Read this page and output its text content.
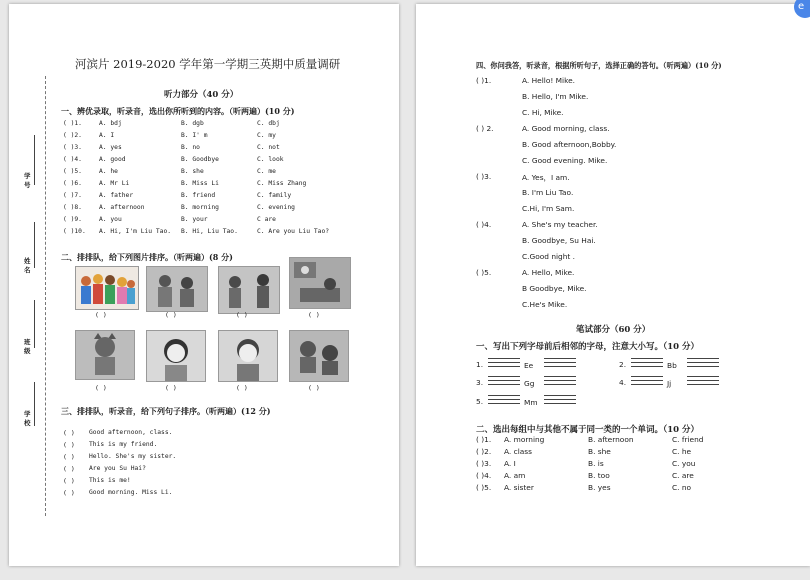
学号
姓名
班级
学校
河滨片 2019-2020 学年第一学期三英期中质量调研
听力部分（40 分）
一、辨优录取，听录音，选出你所听到的内容。（听两遍）(10 分)
( )1.	A. bdj	B. dgb	C. dbj
( )2.	A. I	B. I' m	C. my
( )3.	A. yes	B. no	C. not
( )4.	A. good	B. Goodbye	C. look
( )5.	A. he	B. she	C. me
( )6.	A. Mr Li	B. Miss Li	C. Miss Zhang
( )7.	A. father	B. friend	C. family
( )8.	A. afternoon	B. morning	C. evening
( )9.	A. you	B. your	C are
( )10. A. Hi, I'm Liu Tao. B. Hi, Liu Tao.	C. Are you Liu Tao?
二、排排队，给下列图片排序。（听两遍）(8 分)
( )	( )	( )	( )
( )	( )	( )	( )
三、排排队，听录音，给下列句子排序。（听两遍）(12 分)
( ) Good afternoon, class.
( ) This is my friend.
( ) Hello. She's my sister.
( ) Are you Su Hai?
( ) This is me!
( ) Good morning. Miss Li.
四、你问我答，听录音，根据所听句子，选择正确的答句。（听两遍）(10 分)
( )1.	A. Hello! Mike.
B. Hello, I'm Mike.
C. Hi, Mike.
( ) 2.	A. Good morning, class.
B. Good afternoon,Bobby.
C. Good evening. Mike.
( )3.	A. Yes，I am.
B. I'm Liu Tao.
C.Hi, I'm Sam.
( )4.	A. She's my teacher.
B. Goodbye, Su Hai.
C.Good night .
( )5.	A. Hello, Mike.
B Goodbye, Mike.
C.He's Mike.
笔试部分（60 分）
一、写出下列字母前后相邻的字母，注意大小写。（10 分）
1.	Ee	2.	Bb
3.	Gg	4.	Jj
5.	Mm
二、选出每组中与其他不属于同一类的一个单词。（10 分）
( )1. A. morning	B. afternoon	C. friend
( )2. A. class	B. she	C. he
( )3. A. I	B. is	C. you
( )4. A. am	B. too	C. are
( )5. A. sister	B. yes	C. no
e
